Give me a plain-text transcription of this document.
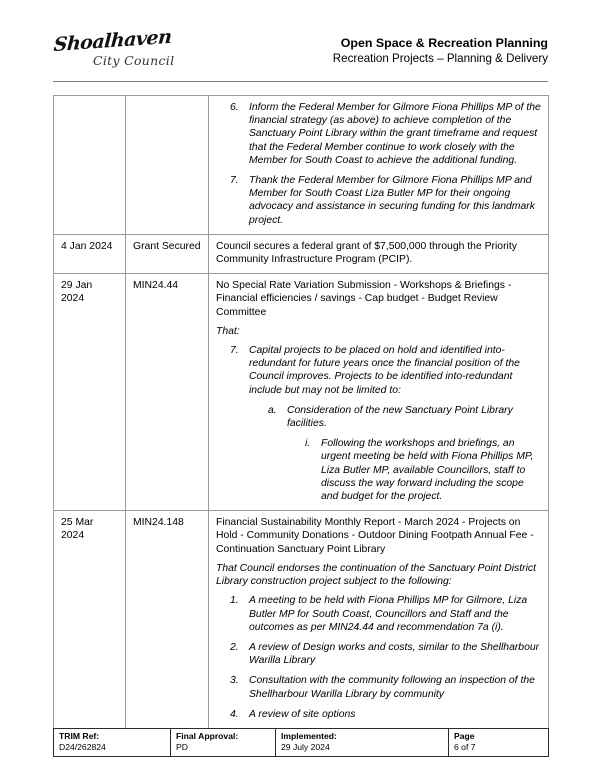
Shoalhaven
City Council
Open Space & Recreation Planning
Recreation Projects – Planning & Delivery

		6. Inform the Federal Member for Gilmore Fiona Phillips MP of the financial strategy (as above) to achieve completion of the Sanctuary Point Library within the grant timeframe and request that the Federal Member continue to work closely with the Member for South Coast to achieve the additional funding.
7. Thank the Federal Member for Gilmore Fiona Phillips MP and Member for South Coast Liza Butler MP for their ongoing advocacy and assistance in securing funding for this landmark project.

4 Jan 2024	Grant Secured	Council secures a federal grant of $7,500,000 through the Priority Community Infrastructure Program (PCIP).

29 Jan 2024	MIN24.44	No Special Rate Variation Submission - Workshops & Briefings - Financial efficiencies / savings - Cap budget - Budget Review Committee

That:

7. Capital projects to be placed on hold and identified into-redundant for future years once the financial position of the Council improves. Projects to be identified into-redundant include but may not be limited to:
a. Consideration of the new Sanctuary Point Library facilities.
i.	Following the workshops and briefings, an urgent meeting be held with Fiona Phillips MP, Liza Butler MP, available Councillors, staff to discuss the way forward including the scope and budget for the project.

25 Mar 2024	MIN24.148	Financial Sustainability Monthly Report - March 2024 - Projects on Hold - Community Donations - Outdoor Dining Footpath Annual Fee - Continuation Sanctuary Point Library

That Council endorses the continuation of the Sanctuary Point District Library construction project subject to the following:

1. A meeting to be held with Fiona Phillips MP for Gilmore, Liza Butler MP for South Coast, Councillors and Staff and the outcomes as per MIN24.44 and recommendation 7a (i).
2. A review of Design works and costs, similar to the Shellharbour Warilla Library
3. Consultation with the community following an inspection of the Shellharbour Warilla Library by community
4. A review of site options
TRIM Ref:
D24/262824

Final Approval:
PD

Implemented:
29 July 2024

Page
6 of 7
